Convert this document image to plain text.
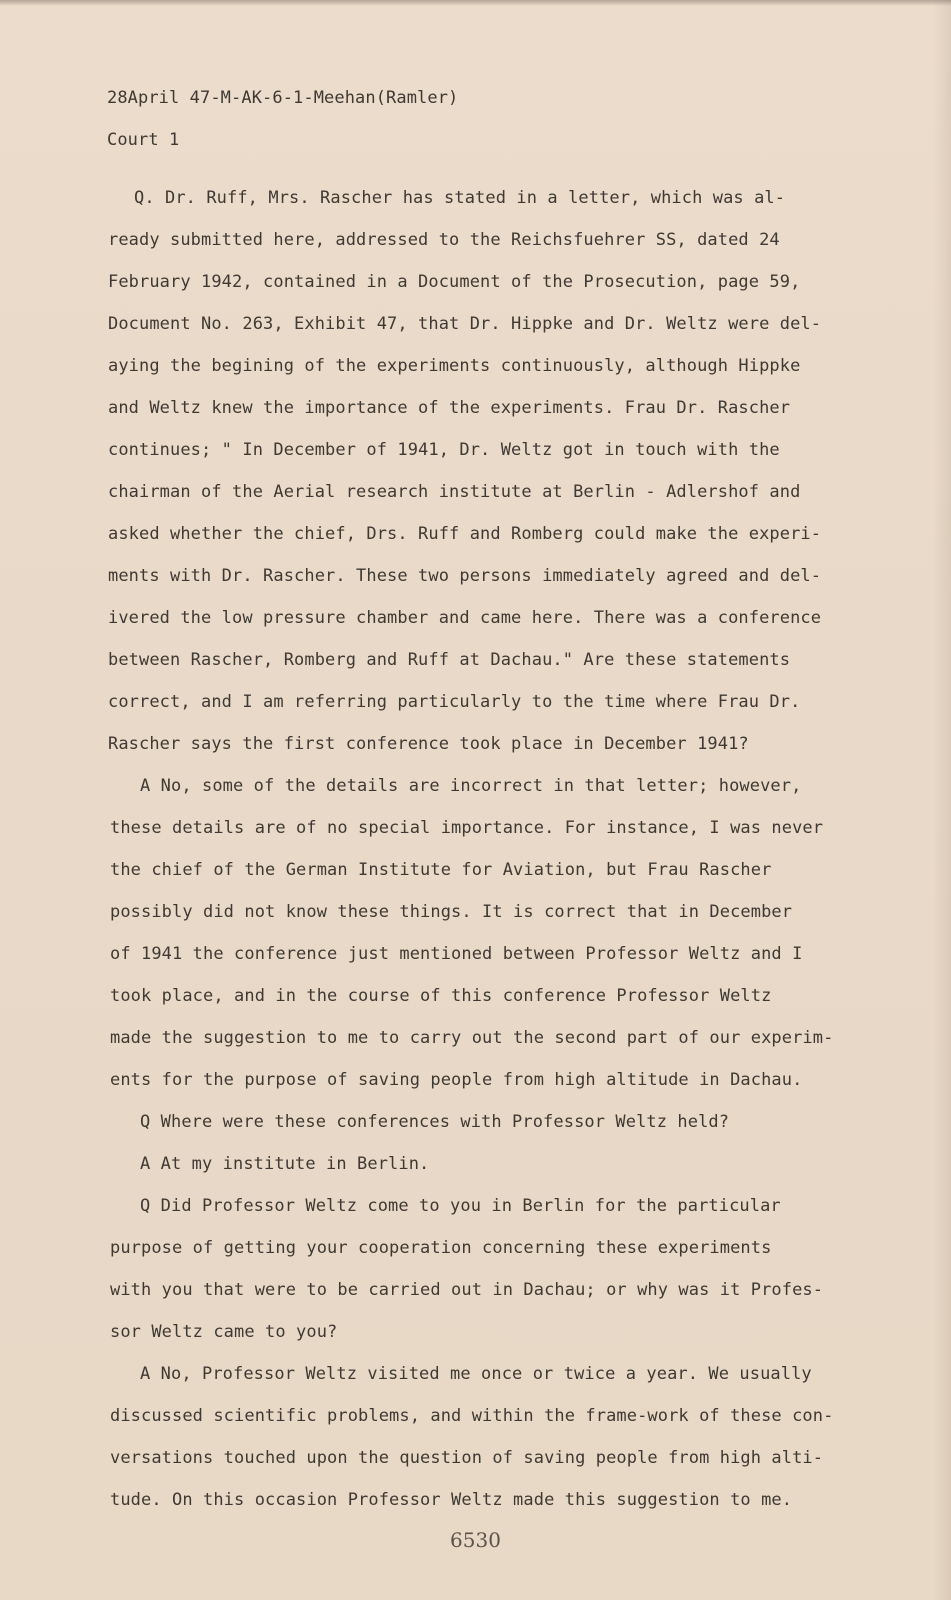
28April 47-M-AK-6-1-Meehan(Ramler)
Court 1
Q. Dr. Ruff, Mrs. Rascher has stated in a letter, which was al-
ready submitted here, addressed to the Reichsfuehrer SS, dated 24
February 1942, contained in a Document of the Prosecution, page 59,
Document No. 263, Exhibit 47, that Dr. Hippke and Dr. Weltz were del-
aying the begining of the experiments continuously, although Hippke
and Weltz knew the importance of the experiments. Frau Dr. Rascher
continues; " In December of 1941, Dr. Weltz got in touch with the
chairman of the Aerial research institute at Berlin - Adlershof and
asked whether the chief, Drs. Ruff and Romberg could make the experi-
ments with Dr. Rascher. These two persons immediately agreed and del-
ivered the low pressure chamber and came here. There was a conference
between Rascher, Romberg and Ruff at Dachau." Are these statements
correct, and I am referring particularly to the time where Frau Dr.
Rascher says the first conference took place in December 1941?
A No, some of the details are incorrect in that letter; however,
these details are of no special importance. For instance, I was never
the chief of the German Institute for Aviation, but Frau Rascher
possibly did not know these things. It is correct that in December
of 1941 the conference just mentioned between Professor Weltz and I
took place, and in the course of this conference Professor Weltz
made the suggestion to me to carry out the second part of our experim-
ents for the purpose of saving people from high altitude in Dachau.
Q Where were these conferences with Professor Weltz held?
A At my institute in Berlin.
Q Did Professor Weltz come to you in Berlin for the particular
purpose of getting your cooperation concerning these experiments
with you that were to be carried out in Dachau; or why was it Profes-
sor Weltz came to you?
A No, Professor Weltz visited me once or twice a year. We usually
discussed scientific problems, and within the frame-work of these con-
versations touched upon the question of saving people from high alti-
tude. On this occasion Professor Weltz made this suggestion to me.
6530
